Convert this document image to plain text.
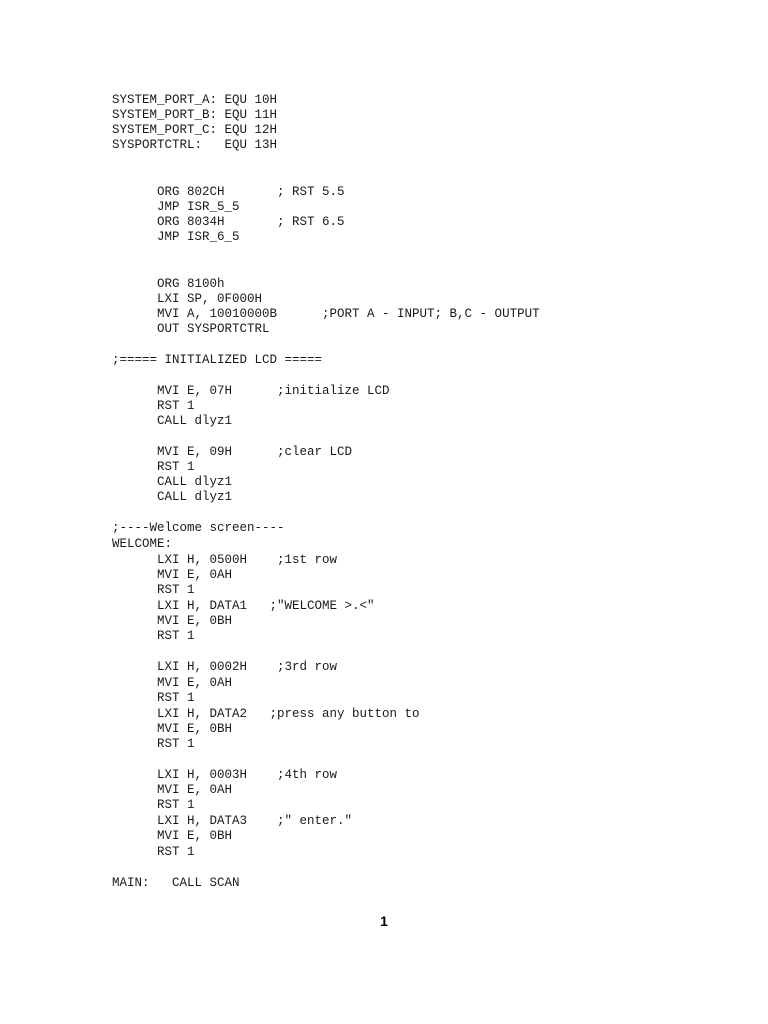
SYSTEM_PORT_A: EQU 10H
SYSTEM_PORT_B: EQU 11H
SYSTEM_PORT_C: EQU 12H
SYSPORTCTRL:   EQU 13H
ORG 802CH       ; RST 5.5
JMP ISR_5_5
ORG 8034H       ; RST 6.5
JMP ISR_6_5
ORG 8100h
LXI SP, 0F000H
MVI A, 10010000B      ;PORT A - INPUT; B,C - OUTPUT
OUT SYSPORTCTRL
;===== INITIALIZED LCD =====
MVI E, 07H      ;initialize LCD
RST 1
CALL dlyz1
MVI E, 09H      ;clear LCD
RST 1
CALL dlyz1
CALL dlyz1
;----Welcome screen----
WELCOME:
LXI H, 0500H    ;1st row
MVI E, 0AH
RST 1
LXI H, DATA1   ;"WELCOME >.<"
MVI E, 0BH
RST 1
LXI H, 0002H    ;3rd row
MVI E, 0AH
RST 1
LXI H, DATA2   ;press any button to
MVI E, 0BH
RST 1
LXI H, 0003H    ;4th row
MVI E, 0AH
RST 1
LXI H, DATA3    ;" enter."
MVI E, 0BH
RST 1
MAIN:   CALL SCAN
1
